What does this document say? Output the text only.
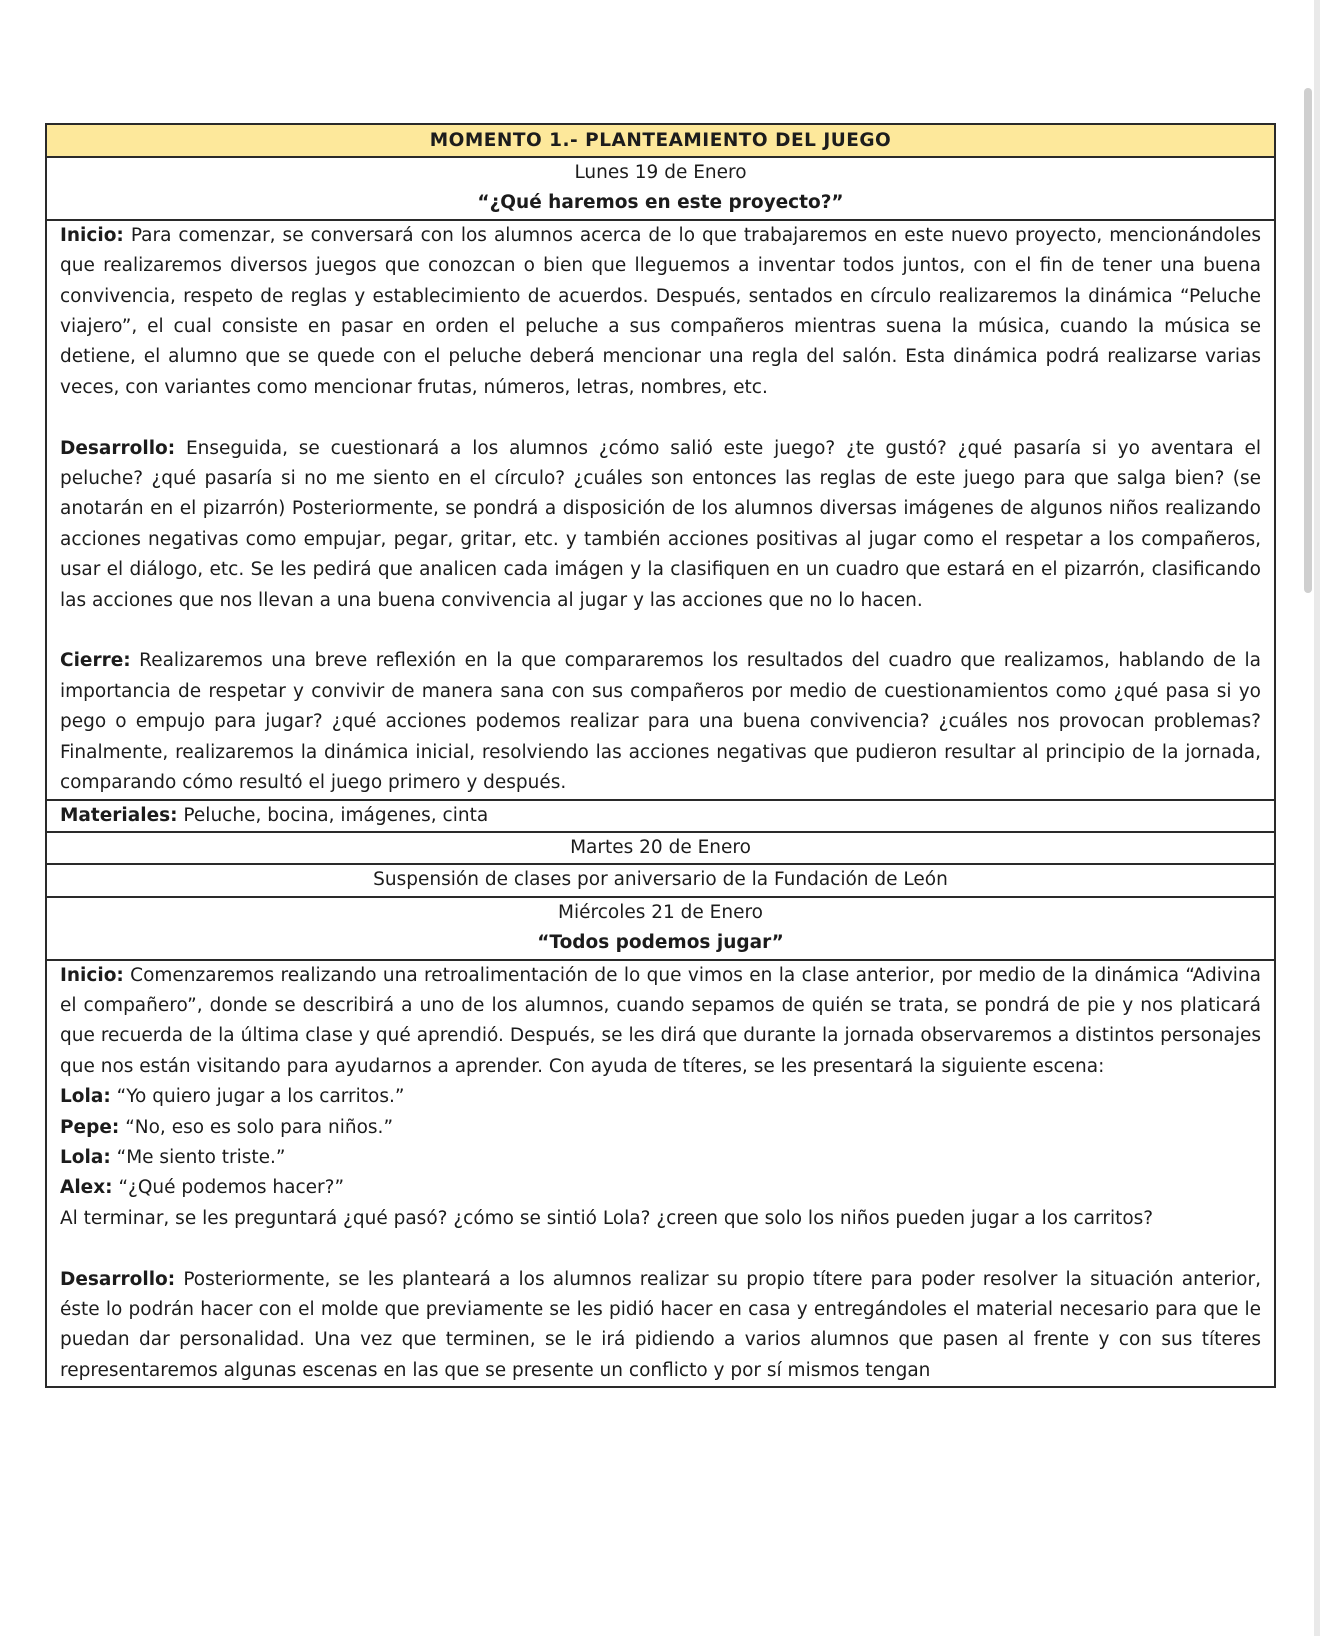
MOMENTO 1.- PLANTEAMIENTO DEL JUEGO

Lunes 19 de Enero
“¿Qué haremos en este proyecto?”

Inicio: Para comenzar, se conversará con los alumnos acerca de lo que trabajaremos en este nuevo proyecto, mencionándoles que realizaremos diversos juegos que conozcan o bien que lleguemos a inventar todos juntos, con el fin de tener una buena convivencia, respeto de reglas y establecimiento de acuerdos. Después, sentados en círculo realizaremos la dinámica “Peluche viajero”, el cual consiste en pasar en orden el peluche a sus compañeros mientras suena la música, cuando la música se detiene, el alumno que se quede con el peluche deberá mencionar una regla del salón. Esta dinámica podrá realizarse varias veces, con variantes como mencionar frutas, números, letras, nombres, etc.

Desarrollo: Enseguida, se cuestionará a los alumnos ¿cómo salió este juego? ¿te gustó? ¿qué pasaría si yo aventara el peluche? ¿qué pasaría si no me siento en el círculo? ¿cuáles son entonces las reglas de este juego para que salga bien? (se anotarán en el pizarrón) Posteriormente, se pondrá a disposición de los alumnos diversas imágenes de algunos niños realizando acciones negativas como empujar, pegar, gritar, etc. y también acciones positivas al jugar como el respetar a los compañeros, usar el diálogo, etc. Se les pedirá que analicen cada imágen y la clasifiquen en un cuadro que estará en el pizarrón, clasificando las acciones que nos llevan a una buena convivencia al jugar y las acciones que no lo hacen.

Cierre: Realizaremos una breve reflexión en la que compararemos los resultados del cuadro que realizamos, hablando de la importancia de respetar y convivir de manera sana con sus compañeros por medio de cuestionamientos como ¿qué pasa si yo pego o empujo para jugar? ¿qué acciones podemos realizar para una buena convivencia? ¿cuáles nos provocan problemas? Finalmente, realizaremos la dinámica inicial, resolviendo las acciones negativas que pudieron resultar al principio de la jornada, comparando cómo resultó el juego primero y después.

Materiales: Peluche, bocina, imágenes, cinta
Martes 20 de Enero
Suspensión de clases por aniversario de la Fundación de León

Miércoles 21 de Enero
“Todos podemos jugar”

Inicio: Comenzaremos realizando una retroalimentación de lo que vimos en la clase anterior, por medio de la dinámica “Adivina el compañero”, donde se describirá a uno de los alumnos, cuando sepamos de quién se trata, se pondrá de pie y nos platicará que recuerda de la última clase y qué aprendió. Después, se les dirá que durante la jornada observaremos a distintos personajes que nos están visitando para ayudarnos a aprender. Con ayuda de títeres, se les presentará la siguiente escena:

Lola: “Yo quiero jugar a los carritos.”

Pepe: “No, eso es solo para niños.”

Lola: “Me siento triste.”

Alex: “¿Qué podemos hacer?”

Al terminar, se les preguntará ¿qué pasó? ¿cómo se sintió Lola? ¿creen que solo los niños pueden jugar a los carritos?

Desarrollo: Posteriormente, se les planteará a los alumnos realizar su propio títere para poder resolver la situación anterior, éste lo podrán hacer con el molde que previamente se les pidió hacer en casa y entregándoles el material necesario para que le puedan dar personalidad. Una vez que terminen, se le irá pidiendo a varios alumnos que pasen al frente y con sus títeres representaremos algunas escenas en las que se presente un conflicto y por sí mismos tengan
